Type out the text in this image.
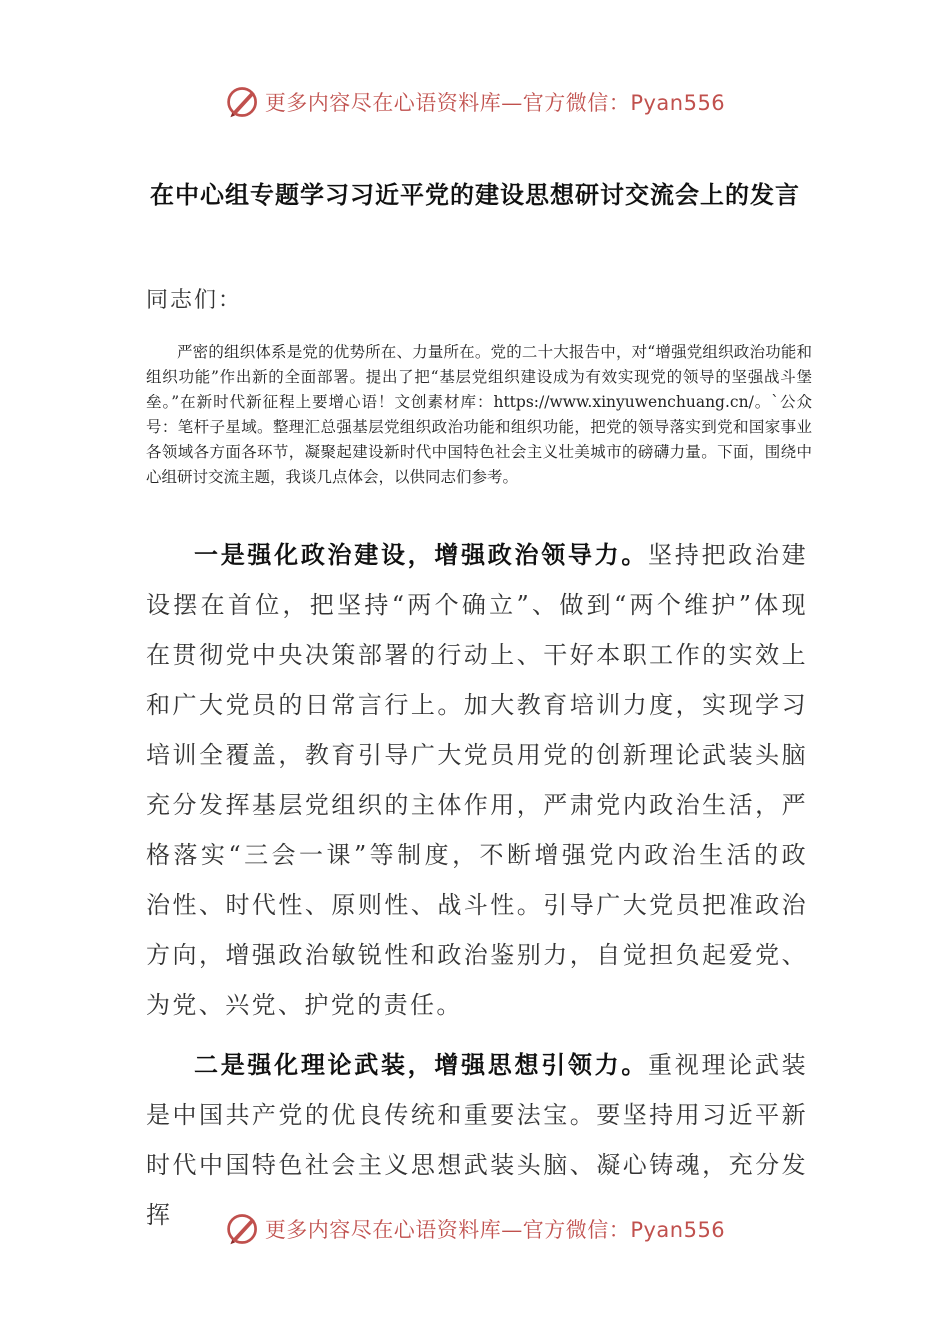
更多内容尽在心语资料库—官方微信：Pyan556
在中心组专题学习习近平党的建设思想研讨交流会上的发言
同志们：

严密的组织体系是党的优势所在、力量所在。党的二十大报告中，对“增强党组织政治功能和组织功能”作出新的全面部署。提出了把“基层党组织建设成为有效实现党的领导的坚强战斗堡垒。”在新时代新征程上要增心语！文创素材库：https://www.xinyuwenchuang.cn/。`公众号：笔杆子星域。整理汇总强基层党组织政治功能和组织功能，把党的领导落实到党和国家事业各领域各方面各环节，凝聚起建设新时代中国特色社会主义壮美城市的磅礴力量。下面，围绕中心组研讨交流主题，我谈几点体会，以供同志们参考。

一是强化政治建设，增强政治领导力。坚持把政治建设摆在首位，把坚持“两个确立”、做到“两个维护”体现在贯彻党中央决策部署的行动上、干好本职工作的实效上和广大党员的日常言行上。加大教育培训力度，实现学习培训全覆盖，教育引导广大党员用党的创新理论武装头脑充分发挥基层党组织的主体作用，严肃党内政治生活，严格落实“三会一课”等制度，不断增强党内政治生活的政治性、时代性、原则性、战斗性。引导广大党员把准政治方向，增强政治敏锐性和政治鉴别力，自觉担负起爱党、为党、兴党、护党的责任。

二是强化理论武装，增强思想引领力。重视理论武装是中国共产党的优良传统和重要法宝。要坚持用习近平新时代中国特色社会主义思想武装头脑、凝心铸魂，充分发挥

更多内容尽在心语资料库—官方微信：Pyan556
